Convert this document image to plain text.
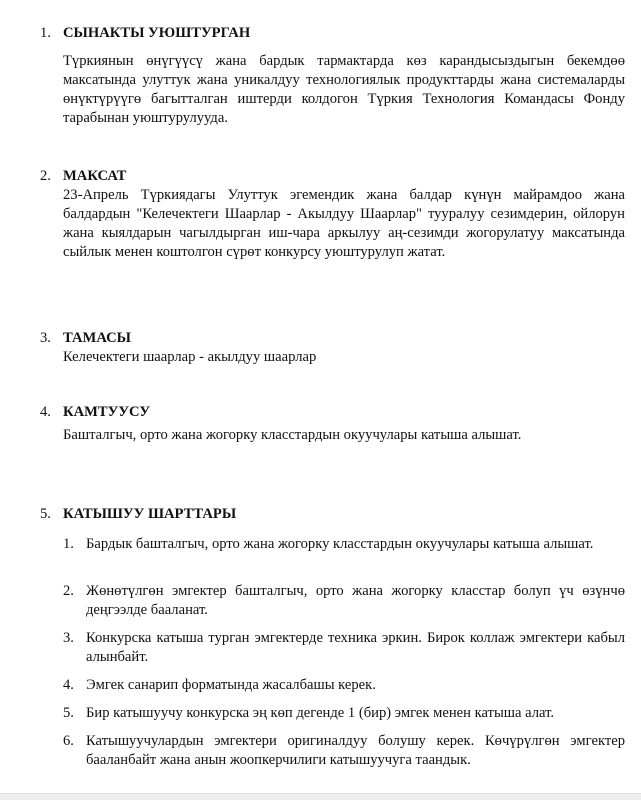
1. СЫНАКТЫ УЮШТУРГАН
Түркиянын өнүгүүсү жана бардык тармактарда көз карандысыздыгын бекемдөө максатында улуттук жана уникалдуу технологиялык продукттарды жана системаларды өнүктүрүүгө багытталган иштерди колдогон Түркия Технология Командасы Фонду тарабынан уюштурулууда.
2. МАКСАТ
23-Апрель Түркиядагы Улуттук эгемендик жана балдар күнүн майрамдоо жана балдардын "Келечектеги Шаарлар - Акылдуу Шаарлар" тууралуу сезимдерин, ойлорун жана кыялдарын чагылдырган иш-чара аркылуу аң-сезимди жогорулатуу максатында сыйлык менен коштолгон сүрөт конкурсу уюштурулуп жатат.
3. ТАМАСЫ
Келечектеги шаарлар - акылдуу шаарлар
4. КАМТУУСУ
Башталгыч, орто жана жогорку класстардын окуучулары катыша алышат.
5. КАТЫШУУ ШАРТТАРЫ
1. Бардык башталгыч, орто жана жогорку класстардын окуучулары катыша алышат.
2. Жөнөтүлгөн эмгектер башталгыч, орто жана жогорку класстар болуп үч өзүнчө деңгээлде бааланат.
3. Конкурска катыша турган эмгектерде техника эркин. Бирок коллаж эмгектери кабыл алынбайт.
4. Эмгек санарип форматында жасалбашы керек.
5. Бир катышуучу конкурска эң көп дегенде 1 (бир) эмгек менен катыша алат.
6. Катышуучулардын эмгектери оригиналдуу болушу керек. Көчүрүлгөн эмгектер бааланбайт жана анын жоопкерчилиги катышуучуга таандык.
